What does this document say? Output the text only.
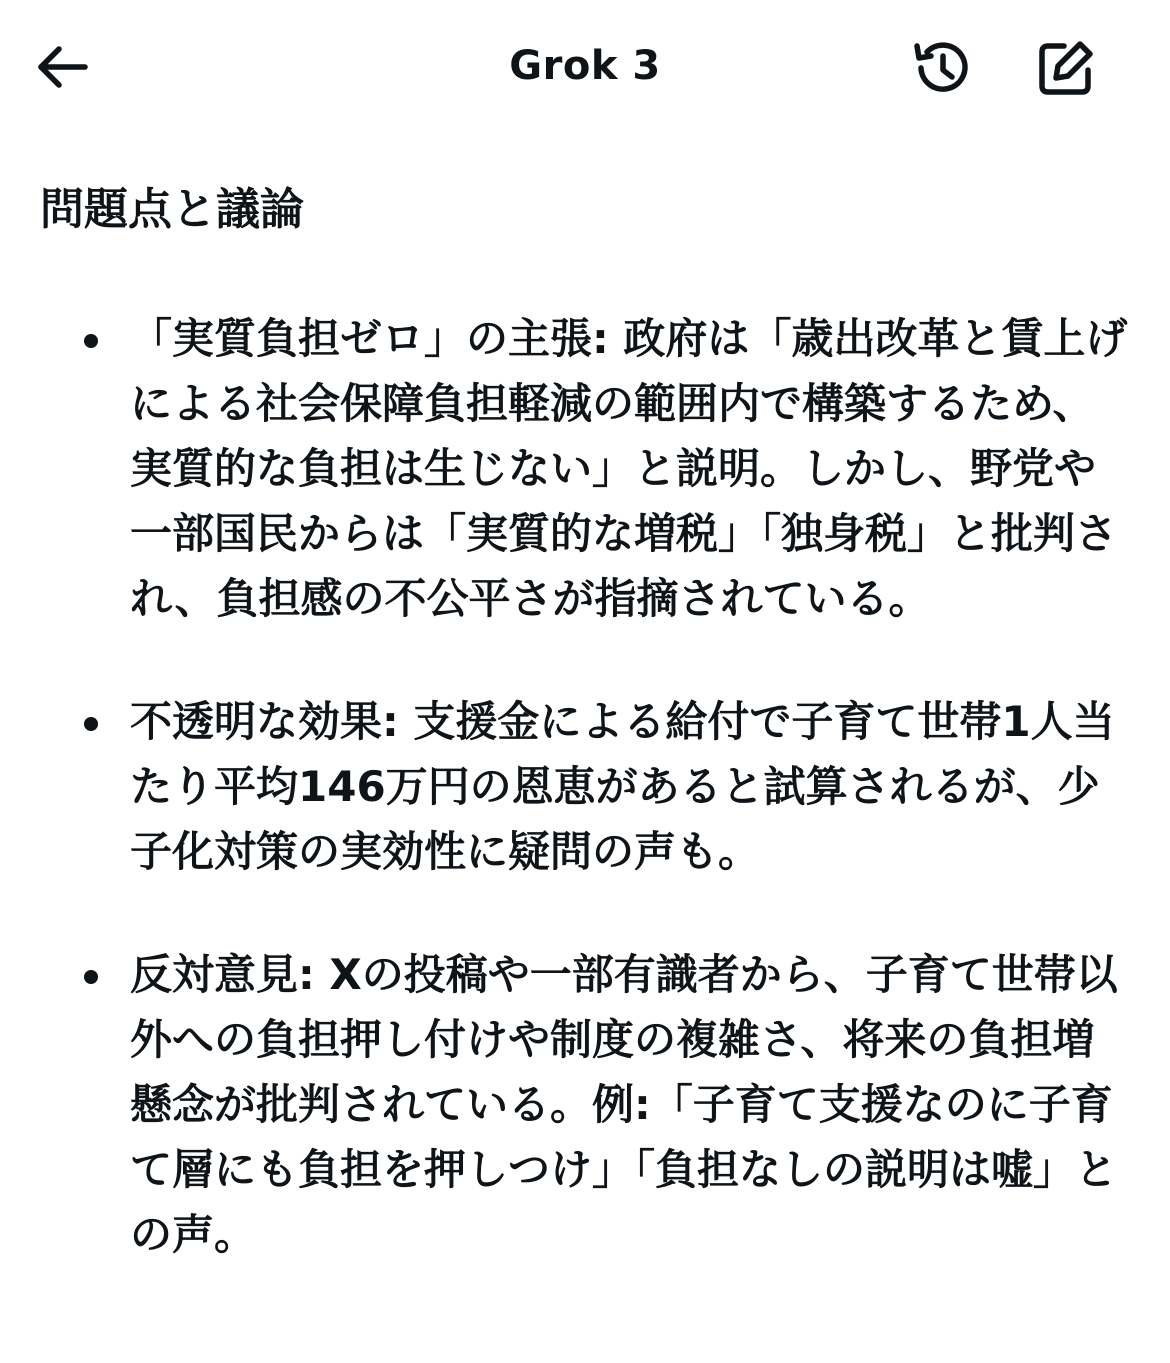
Grok 3
問題点と議論
「実質負担ゼロ」の主張: 政府は「歳出改革と賃上げによる社会保障負担軽減の範囲内で構築するため、実質的な負担は生じない」と説明。しかし、野党や一部国民からは「実質的な増税」「独身税」と批判され、負担感の不公平さが指摘されている。
不透明な効果: 支援金による給付で子育て世帯1人当たり平均146万円の恩恵があると試算されるが、少子化対策の実効性に疑問の声も。
反対意見: Xの投稿や一部有識者から、子育て世帯以外への負担押し付けや制度の複雑さ、将来の負担増懸念が批判されている。例:「子育て支援なのに子育て層にも負担を押しつけ」「負担なしの説明は嘘」との声。
